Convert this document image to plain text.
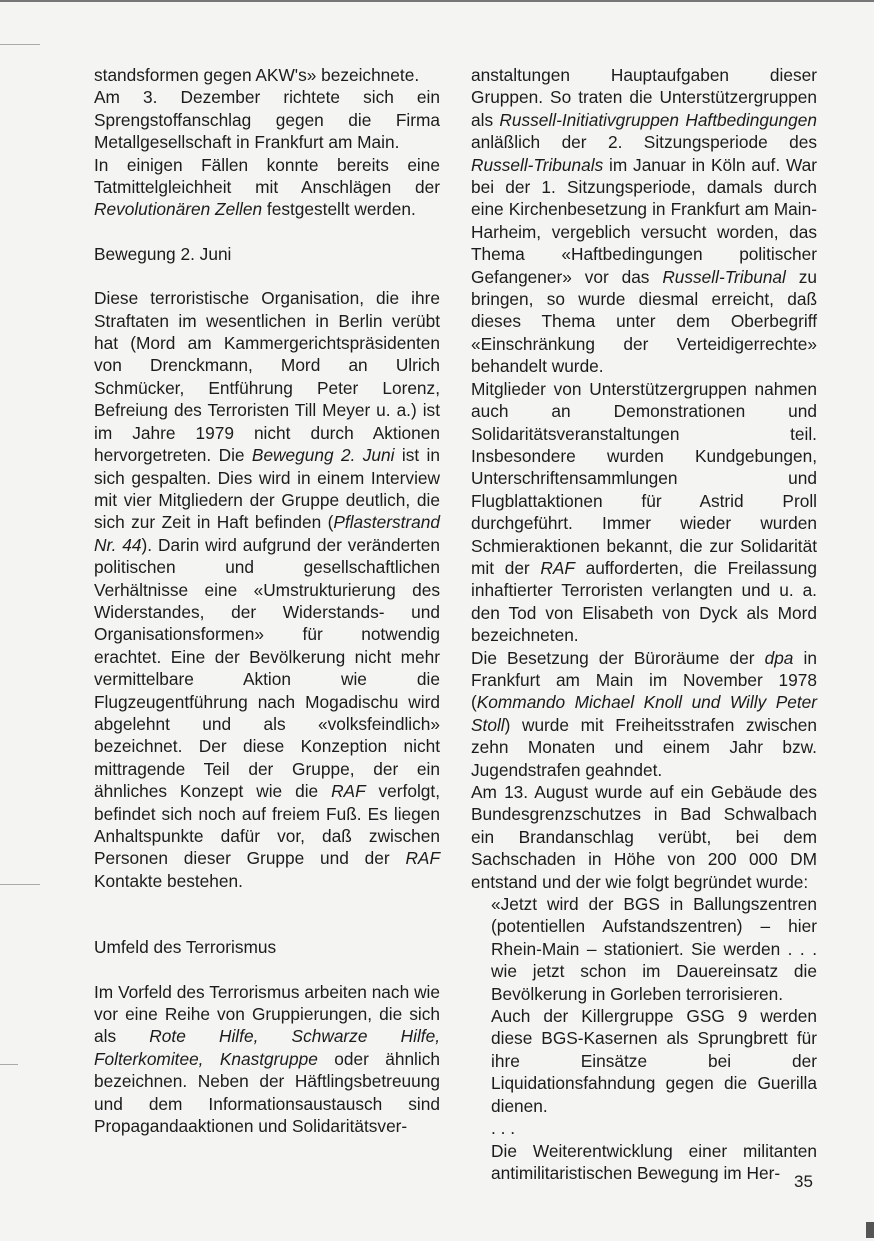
standsformen gegen AKW's» bezeichnete.

Am 3. Dezember richtete sich ein Sprengstoffanschlag gegen die Firma Metallgesellschaft in Frankfurt am Main.

In einigen Fällen konnte bereits eine Tatmittelgleichheit mit Anschlägen der Revolutionären Zellen festgestellt werden.

Bewegung 2. Juni

Diese terroristische Organisation, die ihre Straftaten im wesentlichen in Berlin verübt hat (Mord am Kammergerichtspräsidenten von Drenckmann, Mord an Ulrich Schmücker, Entführung Peter Lorenz, Befreiung des Terroristen Till Meyer u. a.) ist im Jahre 1979 nicht durch Aktionen hervorgetreten. Die Bewegung 2. Juni ist in sich gespalten. Dies wird in einem Interview mit vier Mitgliedern der Gruppe deutlich, die sich zur Zeit in Haft befinden (Pflasterstrand Nr. 44). Darin wird aufgrund der veränderten politischen und gesellschaftlichen Verhältnisse eine «Umstrukturierung des Widerstandes, der Widerstands- und Organisationsformen» für notwendig erachtet. Eine der Bevölkerung nicht mehr vermittelbare Aktion wie die Flugzeugentführung nach Mogadischu wird abgelehnt und als «volksfeindlich» bezeichnet. Der diese Konzeption nicht mittragende Teil der Gruppe, der ein ähnliches Konzept wie die RAF verfolgt, befindet sich noch auf freiem Fuß. Es liegen Anhaltspunkte dafür vor, daß zwischen Personen dieser Gruppe und der RAF Kontakte bestehen.

Umfeld des Terrorismus

Im Vorfeld des Terrorismus arbeiten nach wie vor eine Reihe von Gruppierungen, die sich als Rote Hilfe, Schwarze Hilfe, Folterkomitee, Knastgruppe oder ähnlich bezeichnen. Neben der Häftlingsbetreuung und dem Informationsaustausch sind Propagandaaktionen und Solidaritätsver-

anstaltungen Hauptaufgaben dieser Gruppen. So traten die Unterstützergruppen als Russell-Initiativgruppen Haftbedingungen anläßlich der 2. Sitzungsperiode des Russell-Tribunals im Januar in Köln auf. War bei der 1. Sitzungsperiode, damals durch eine Kirchenbesetzung in Frankfurt am Main-Harheim, vergeblich versucht worden, das Thema «Haftbedingungen politischer Gefangener» vor das Russell-Tribunal zu bringen, so wurde diesmal erreicht, daß dieses Thema unter dem Oberbegriff «Einschränkung der Verteidigerrechte» behandelt wurde.

Mitglieder von Unterstützergruppen nahmen auch an Demonstrationen und Solidaritätsveranstaltungen teil. Insbesondere wurden Kundgebungen, Unterschriftensammlungen und Flugblattaktionen für Astrid Proll durchgeführt. Immer wieder wurden Schmieraktionen bekannt, die zur Solidarität mit der RAF aufforderten, die Freilassung inhaftierter Terroristen verlangten und u. a. den Tod von Elisabeth von Dyck als Mord bezeichneten.

Die Besetzung der Büroräume der dpa in Frankfurt am Main im November 1978 (Kommando Michael Knoll und Willy Peter Stoll) wurde mit Freiheitsstrafen zwischen zehn Monaten und einem Jahr bzw. Jugendstrafen geahndet.

Am 13. August wurde auf ein Gebäude des Bundesgrenzschutzes in Bad Schwalbach ein Brandanschlag verübt, bei dem Sachschaden in Höhe von 200 000 DM entstand und der wie folgt begründet wurde:

«Jetzt wird der BGS in Ballungszentren (potentiellen Aufstandszentren) – hier Rhein-Main – stationiert. Sie werden . . . wie jetzt schon im Dauereinsatz die Bevölkerung in Gorleben terrorisieren.

Auch der Killergruppe GSG 9 werden diese BGS-Kasernen als Sprungbrett für ihre Einsätze bei der Liquidationsfahndung gegen die Guerilla dienen.

. . .

Die Weiterentwicklung einer militanten antimilitaristischen Bewegung im Her- 35
